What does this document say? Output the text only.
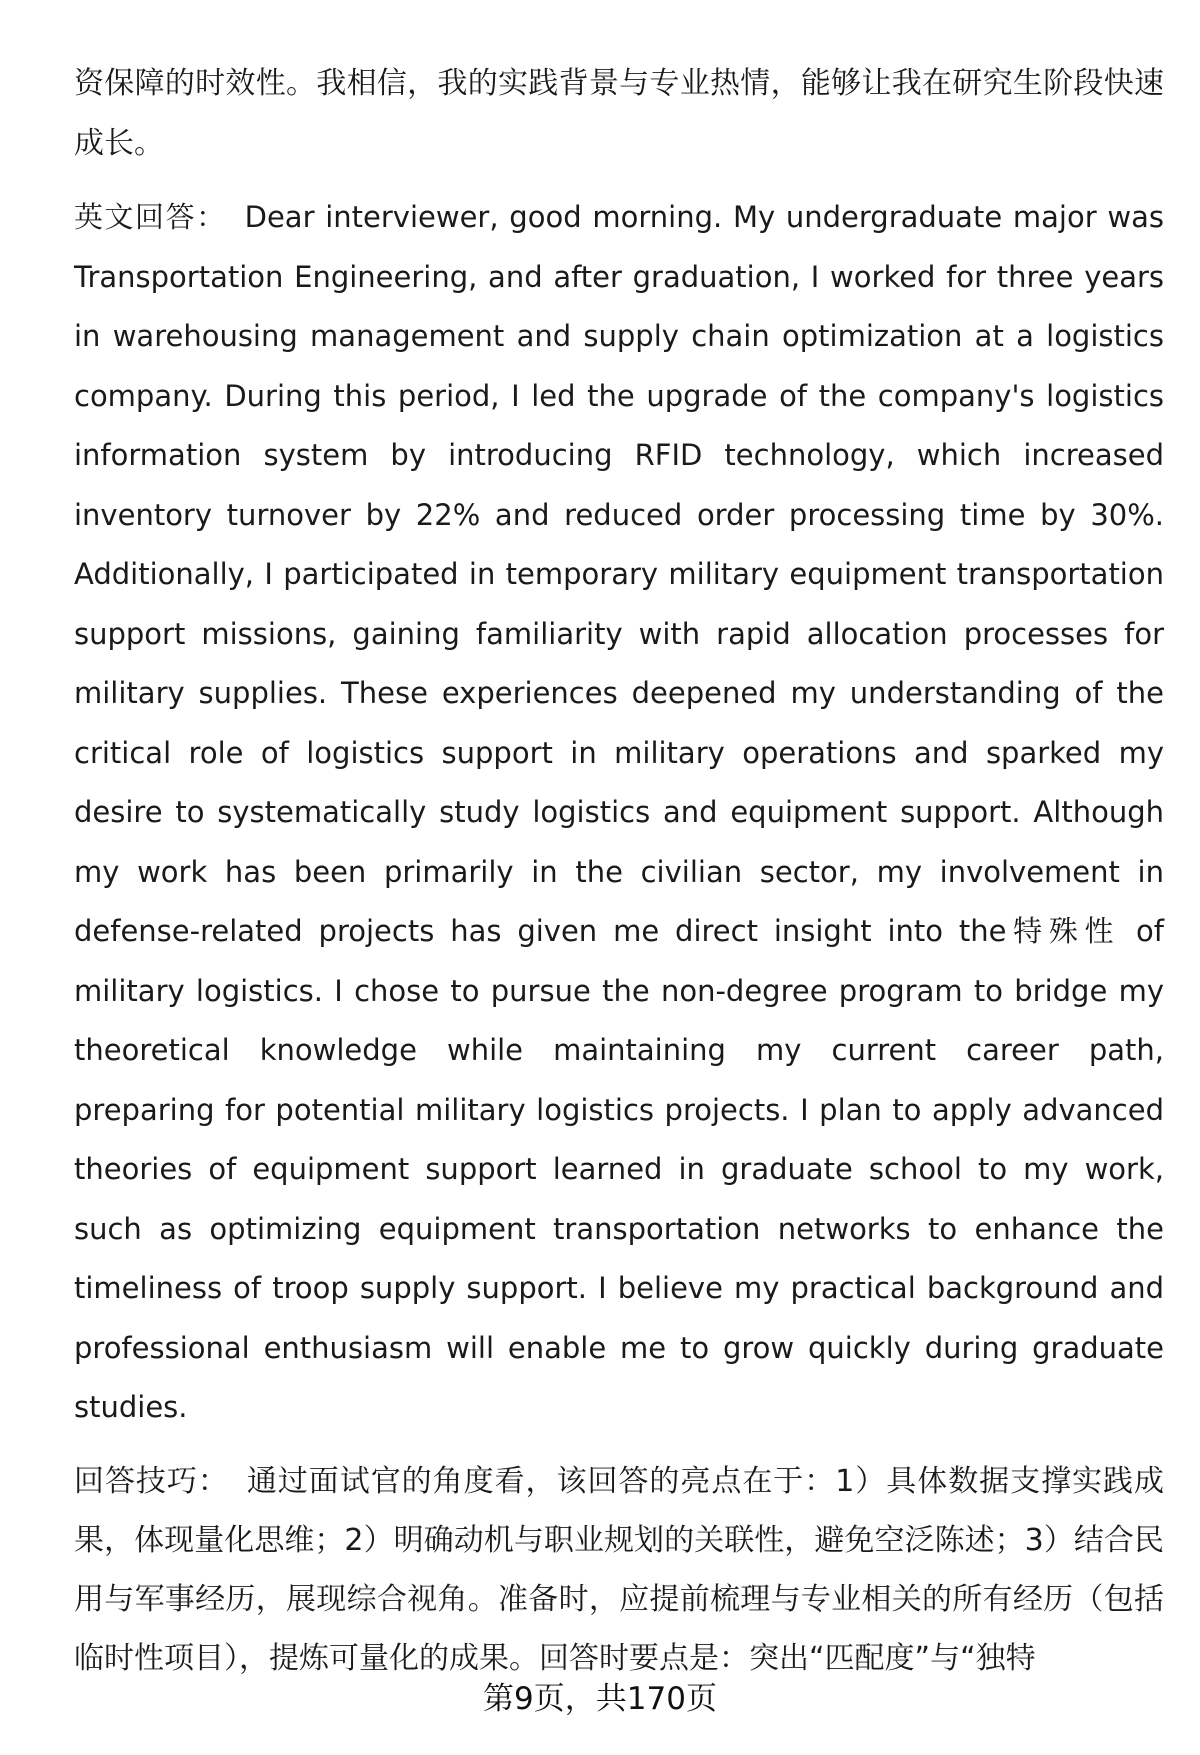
资保障的时效性。我相信，我的实践背景与专业热情，能够让我在研究生阶段快速成长。

英文回答： Dear interviewer, good morning. My undergraduate major was Transportation Engineering, and after graduation, I worked for three years in warehousing management and supply chain optimization at a logistics company. During this period, I led the upgrade of the company's logistics information system by introducing RFID technology, which increased inventory turnover by 22% and reduced order processing time by 30%. Additionally, I participated in temporary military equipment transportation support missions, gaining familiarity with rapid allocation processes for military supplies. These experiences deepened my understanding of the critical role of logistics support in military operations and sparked my desire to systematically study logistics and equipment support. Although my work has been primarily in the civilian sector, my involvement in defense-related projects has given me direct insight into the特殊性 of military logistics. I chose to pursue the non-degree program to bridge my theoretical knowledge while maintaining my current career path, preparing for potential military logistics projects. I plan to apply advanced theories of equipment support learned in graduate school to my work, such as optimizing equipment transportation networks to enhance the timeliness of troop supply support. I believe my practical background and professional enthusiasm will enable me to grow quickly during graduate studies.

回答技巧： 通过面试官的角度看，该回答的亮点在于：1）具体数据支撑实践成果，体现量化思维；2）明确动机与职业规划的关联性，避免空泛陈述；3）结合民用与军事经历，展现综合视角。准备时，应提前梳理与专业相关的所有经历（包括临时性项目），提炼可量化的成果。回答时要点是：突出“匹配度”与“独特

第9页，共170页
